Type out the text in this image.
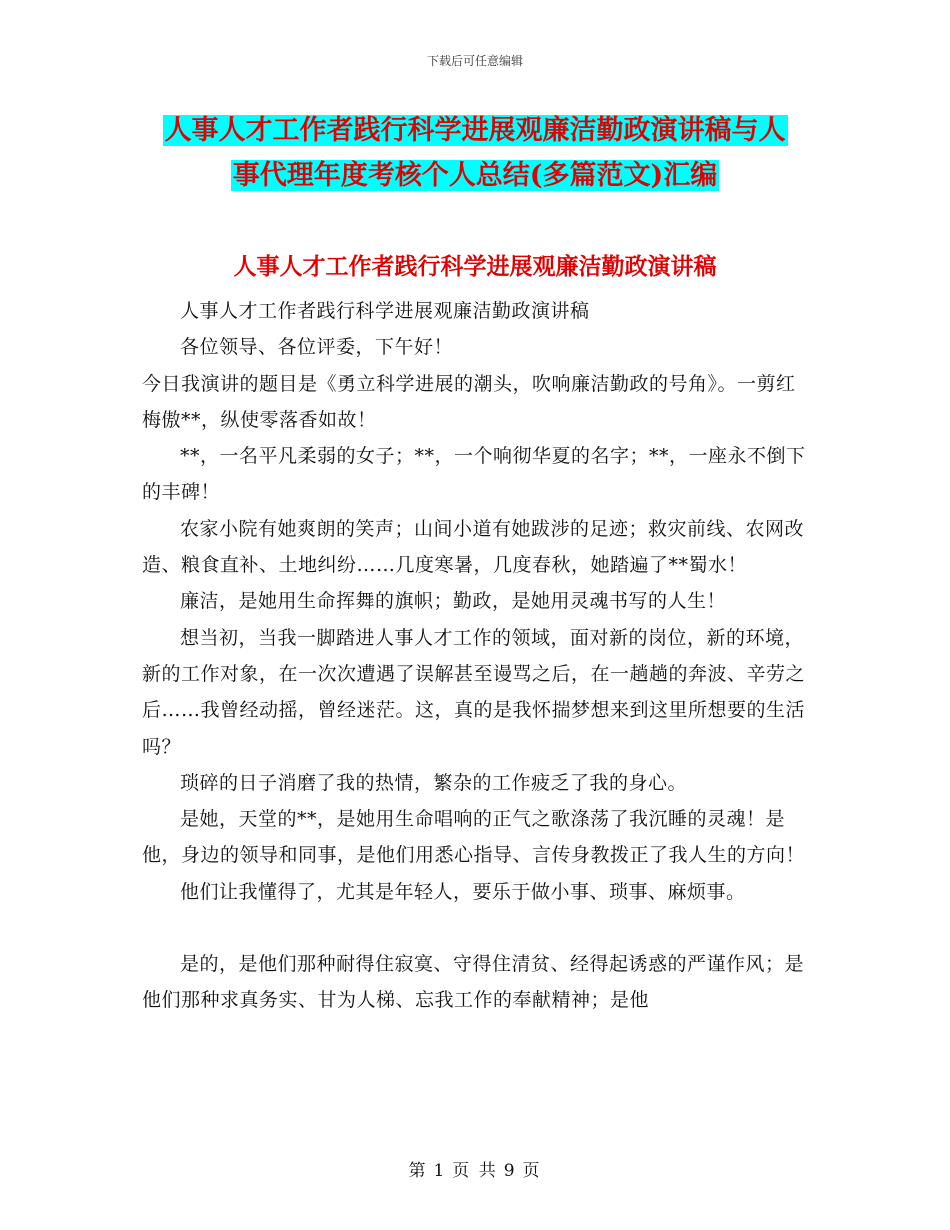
下载后可任意编辑
人事人才工作者践行科学进展观廉洁勤政演讲稿与人
事代理年度考核个人总结(多篇范文)汇编
人事人才工作者践行科学进展观廉洁勤政演讲稿

人事人才工作者践行科学进展观廉洁勤政演讲稿

各位领导、各位评委，下午好！

今日我演讲的题目是《勇立科学进展的潮头，吹响廉洁勤政的号角》。一剪红梅傲**，纵使零落香如故！

**，一名平凡柔弱的女子；**，一个响彻华夏的名字；**，一座永不倒下的丰碑！

农家小院有她爽朗的笑声；山间小道有她跋涉的足迹；救灾前线、农网改造、粮食直补、土地纠纷……几度寒暑，几度春秋，她踏遍了**蜀水！

廉洁，是她用生命挥舞的旗帜；勤政，是她用灵魂书写的人生！

想当初，当我一脚踏进人事人才工作的领域，面对新的岗位，新的环境，新的工作对象，在一次次遭遇了误解甚至谩骂之后，在一趟趟的奔波、辛劳之后……我曾经动摇，曾经迷茫。这，真的是我怀揣梦想来到这里所想要的生活吗？

琐碎的日子消磨了我的热情，繁杂的工作疲乏了我的身心。

是她，天堂的**，是她用生命唱响的正气之歌涤荡了我沉睡的灵魂！是他，身边的领导和同事，是他们用悉心指导、言传身教拨正了我人生的方向！

他们让我懂得了，尤其是年轻人，要乐于做小事、琐事、麻烦事。

是的，是他们那种耐得住寂寞、守得住清贫、经得起诱惑的严谨作风；是他们那种求真务实、甘为人梯、忘我工作的奉献精神；是他

第 1 页 共 9 页
